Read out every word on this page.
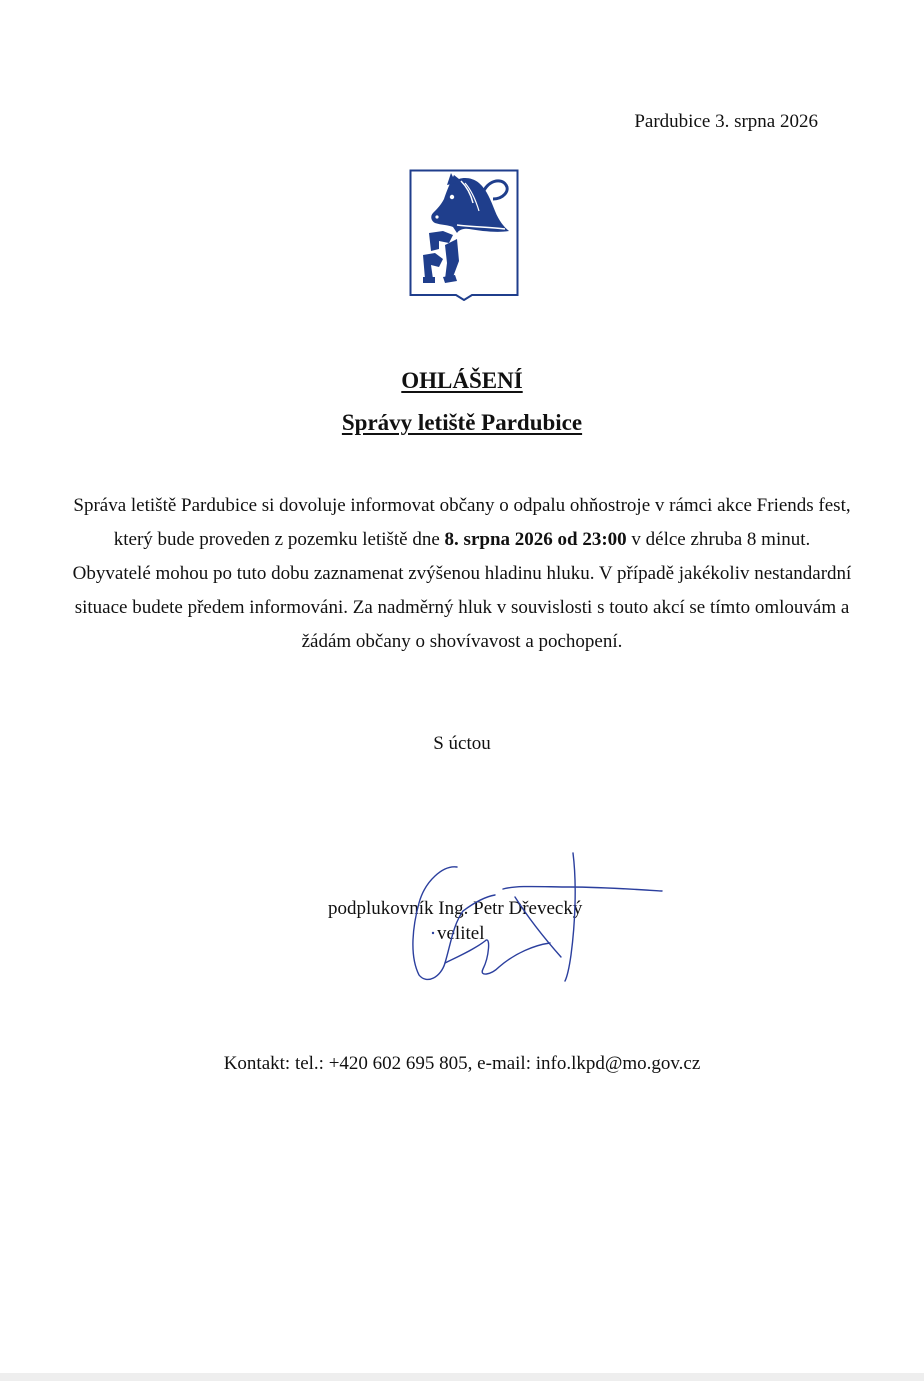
Pardubice 3. srpna 2026
OHLÁŠENÍ
Správy letiště Pardubice

Správa letiště Pardubice si dovoluje informovat občany o odpalu ohňostroje v rámci akce Friends fest, který bude proveden z pozemku letiště dne 8. srpna 2026 od 23:00 v délce zhruba 8 minut.

Obyvatelé mohou po tuto dobu zaznamenat zvýšenou hladinu hluku. V případě jakékoliv nestandardní situace budete předem informováni. Za nadměrný hluk v souvislosti s touto akcí se tímto omlouvám a žádám občany o shovívavost a pochopení.

S úctou
podplukovník Ing. Petr Dřevecký
velitel
Kontakt: tel.: +420 602 695 805, e-mail: info.lkpd@mo.gov.cz
